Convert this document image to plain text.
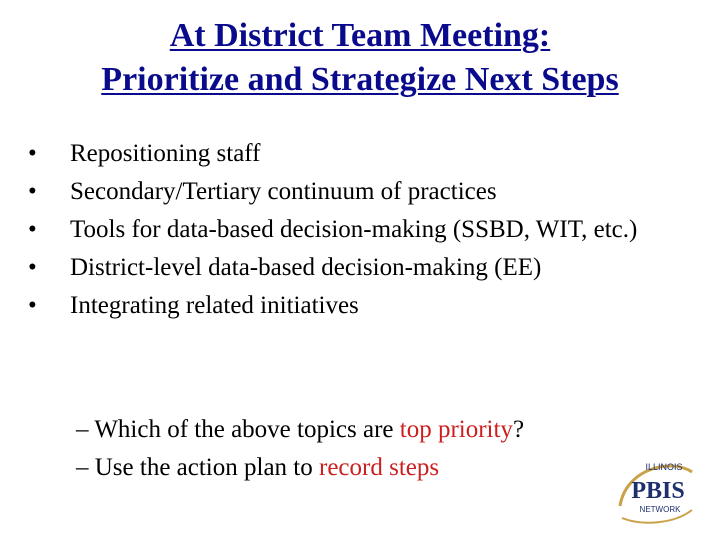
At District Team Meeting:
Prioritize and Strategize Next Steps
•	Repositioning staff
•	Secondary/Tertiary continuum of practices
•	Tools for data-based decision-making (SSBD, WIT, etc.)
•	District-level data-based decision-making (EE)
•	Integrating related initiatives
– Which of the above topics are top priority?
– Use the action plan to record steps	ILLINOIS
PBIS
NETWORK
